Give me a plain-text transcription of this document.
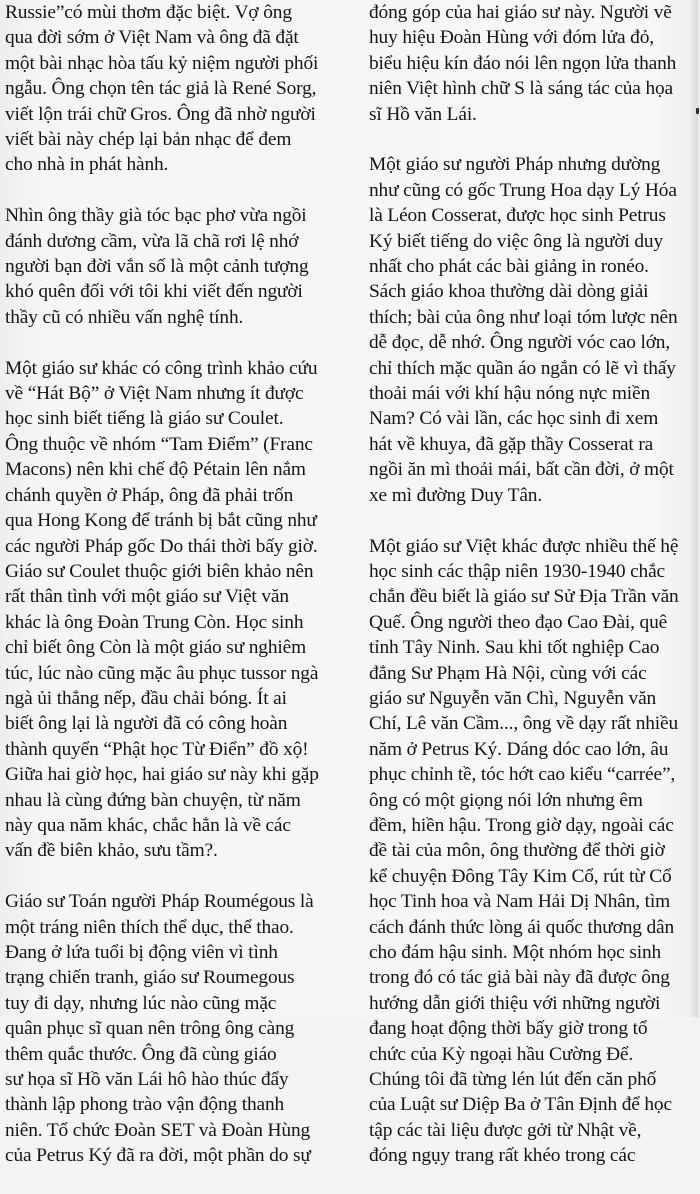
Russie”có mùi thơm đặc biệt. Vợ ông
qua đời sớm ở Việt Nam và ông đã đặt
một bài nhạc hòa tấu kỷ niệm người phối
ngẫu. Ông chọn tên tác giả là René Sorg,
viết lộn trái chữ Gros. Ông đã nhờ người
viết bài này chép lại bản nhạc để đem
cho nhà in phát hành.

Nhìn ông thầy già tóc bạc phơ vừa ngồi
đánh dương cầm, vừa lã chã rơi lệ nhớ
người bạn đời vắn số là một cảnh tượng
khó quên đối với tôi khi viết đến người
thầy cũ có nhiều vấn nghệ tính.

Một giáo sư khác có công trình khảo cứu
về “Hát Bộ” ở Việt Nam nhưng ít được
học sinh biết tiếng là giáo sư Coulet.
Ông thuộc về nhóm “Tam Điểm” (Franc
Macons) nên khi chế độ Pétain lên nắm
chánh quyền ở Pháp, ông đã phải trốn
qua Hong Kong để tránh bị bắt cũng như
các người Pháp gốc Do thái thời bấy giờ.
Giáo sư Coulet thuộc giới biên khảo nên
rất thân tình với một giáo sư Việt văn
khác là ông Đoàn Trung Còn. Học sinh
chỉ biết ông Còn là một giáo sư nghiêm
túc, lúc nào cũng mặc âu phục tussor ngà
ngà ủi thẳng nếp, đầu chải bóng. Ít ai
biết ông lại là người đã có công hoàn
thành quyển “Phật học Từ Điển” đồ xộ!
Giữa hai giờ học, hai giáo sư này khi gặp
nhau là cùng đứng bàn chuyện, từ năm
này qua năm khác, chắc hẳn là về các
vấn đề biên khảo, sưu tầm?.

Giáo sư Toán người Pháp Roumégous là
một tráng niên thích thể dục, thể thao.
Đang ở lứa tuổi bị động viên vì tình
trạng chiến tranh, giáo sư Roumegous
tuy đi dạy, nhưng lúc nào cũng mặc
quân phục sĩ quan nên trông ông càng
thêm quắc thước. Ông đã cùng giáo
sư họa sĩ Hồ văn Lái hô hào thúc đẩy
thành lập phong trào vận động thanh
niên. Tổ chức Đoàn SET và Đoàn Hùng
của Petrus Ký đã ra đời, một phần do sự

đóng góp của hai giáo sư này. Người vẽ
huy hiệu Đoàn Hùng với đóm lửa đỏ,
biểu hiệu kín đáo nói lên ngọn lửa thanh
niên Việt hình chữ S là sáng tác của họa
sĩ Hồ văn Lái.

Một giáo sư người Pháp nhưng dường
như cũng có gốc Trung Hoa dạy Lý Hóa
là Léon Cosserat, được học sinh Petrus
Ký biết tiếng do việc ông là người duy
nhất cho phát các bài giảng in ronéo.
Sách giáo khoa thường dài dòng giải
thích; bài của ông như loại tóm lược nên
dễ đọc, dễ nhớ. Ông người vóc cao lớn,
chỉ thích mặc quần áo ngắn có lẽ vì thấy
thoải mái với khí hậu nóng nực miền
Nam? Có vài lần, các học sinh đi xem
hát về khuya, đã gặp thầy Cosserat ra
ngồi ăn mì thoải mái, bất cần đời, ở một
xe mì đường Duy Tân.

Một giáo sư Việt khác được nhiều thế hệ
học sinh các thập niên 1930-1940 chắc
chắn đều biết là giáo sư Sử Địa Trần văn
Quế. Ông người theo đạo Cao Đài, quê
tỉnh Tây Ninh. Sau khi tốt nghiệp Cao
đẳng Sư Phạm Hà Nội, cùng với các
giáo sư Nguyễn văn Chì, Nguyễn văn
Chí, Lê văn Cầm..., ông về dạy rất nhiều
năm ở Petrus Ký. Dáng dóc cao lớn, âu
phục chỉnh tề, tóc hớt cao kiểu “carrée”,
ông có một giọng nói lớn nhưng êm
đềm, hiền hậu. Trong giờ dạy, ngoài các
đề tài của môn, ông thường để thời giờ
kể chuyện Đông Tây Kim Cổ, rút từ Cổ
học Tinh hoa và Nam Hải Dị Nhân, tìm
cách đánh thức lòng ái quốc thương dân
cho đám hậu sinh. Một nhóm học sinh
trong đó có tác giả bài này đã được ông
hướng dẫn giới thiệu với những người
đang hoạt động thời bấy giờ trong tổ
chức của Kỳ ngoại hầu Cường Để.
Chúng tôi đã từng lén lút đến căn phố
của Luật sư Diệp Ba ở Tân Định để học
tập các tài liệu được gởi từ Nhật về,
đóng ngụy trang rất khéo trong các
